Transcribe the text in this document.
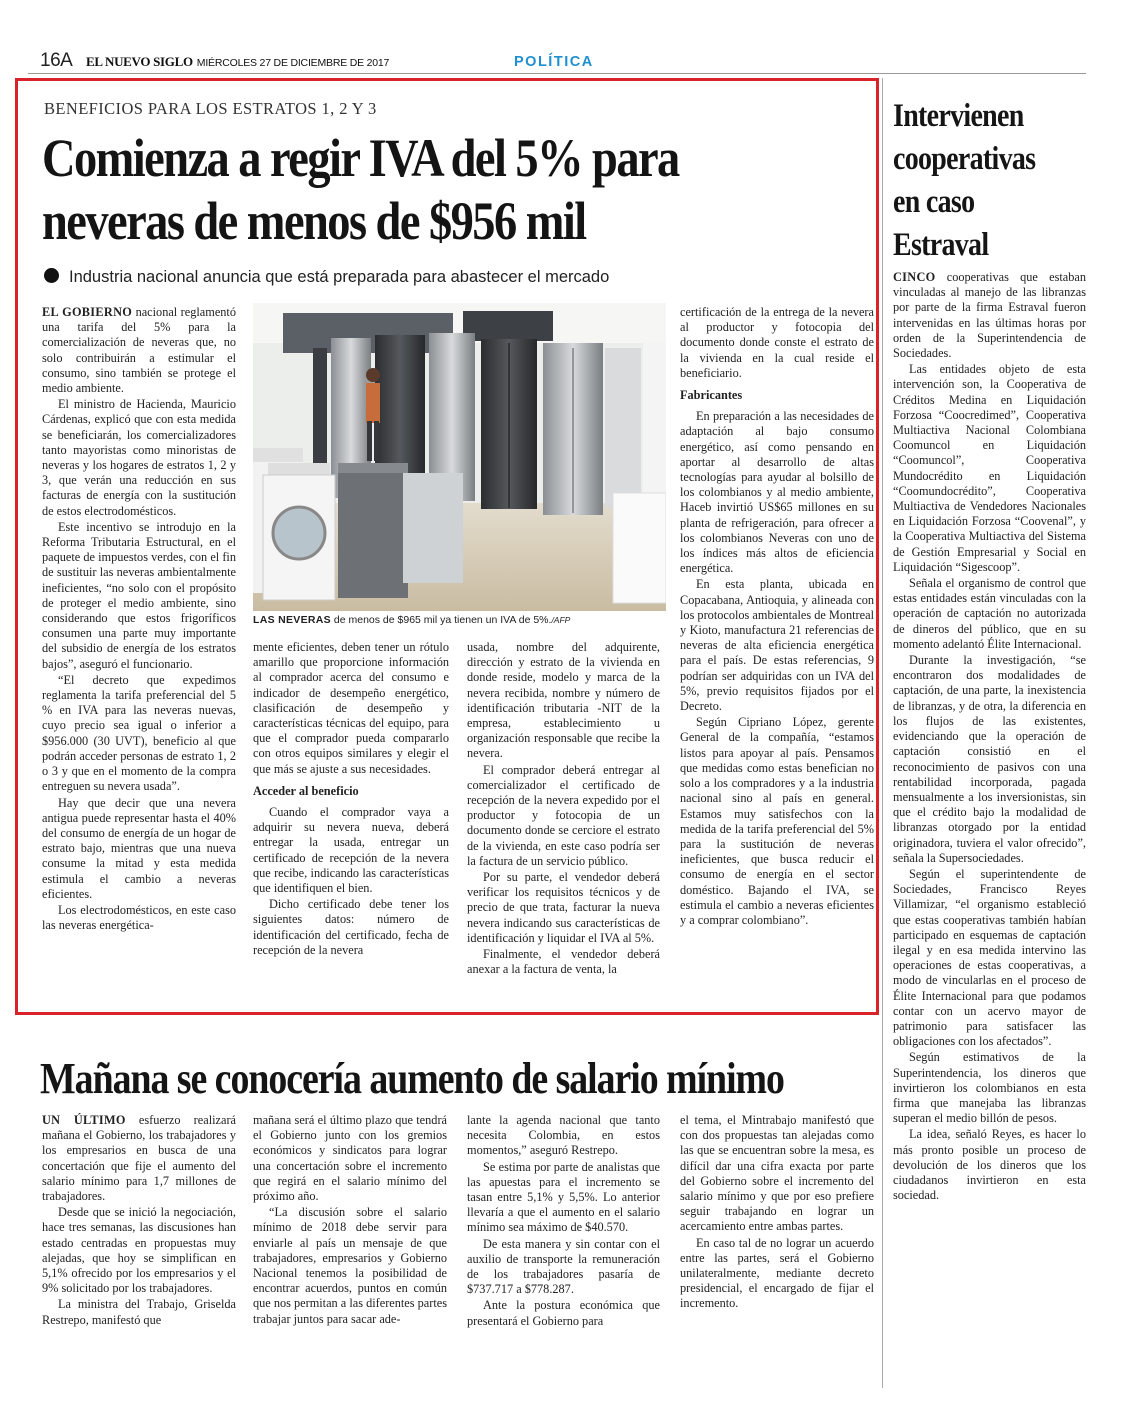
16A EL NUEVO SIGLO MIÉRCOLES 27 DE DICIEMBRE DE 2017	POLÍTICA
BENEFICIOS PARA LOS ESTRATOS 1, 2 Y 3
Comienza a regir IVA del 5% para
neveras de menos de $956 mil
Industria nacional anuncia que está preparada para abastecer el mercado

EL GOBIERNO nacional reglamentó una tarifa del 5% para la comercialización de neveras que, no solo contribuirán a estimular el consumo, sino también se protege el medio ambiente.

El ministro de Hacienda, Mauricio Cárdenas, explicó que con esta medida se beneficiarán, los comercializadores tanto mayoristas como minoristas de neveras y los hogares de estratos 1, 2 y 3, que verán una reducción en sus facturas de energía con la sustitución de estos electrodomésticos.

Este incentivo se introdujo en la Reforma Tributaria Estructural, en el paquete de impuestos verdes, con el fin de sustituir las neveras ambientalmente ineficientes, “no solo con el propósito de proteger el medio ambiente, sino considerando que estos frigoríficos consumen una parte muy importante del subsidio de energía de los estratos bajos”, aseguró el funcionario.

“El decreto que expedimos reglamenta la tarifa preferencial del 5 % en IVA para las neveras nuevas, cuyo precio sea igual o inferior a $956.000 (30 UVT), beneficio al que podrán acceder personas de estrato 1, 2 o 3 y que en el momento de la compra entreguen su nevera usada”.

Hay que decir que una nevera antigua puede representar hasta el 40% del consumo de energía de un hogar de estrato bajo, mientras que una nueva consume la mitad y esta medida estimula el cambio a neveras eficientes.

Los electrodomésticos, en este caso las neveras energética-

LAS NEVERAS de menos de $965 mil ya tienen un IVA de 5%./AFP

mente eficientes, deben tener un rótulo amarillo que proporcione información al comprador acerca del consumo e indicador de desempeño energético, clasificación de desempeño y características técnicas del equipo, para que el comprador pueda compararlo con otros equipos similares y elegir el que más se ajuste a sus necesidades.

Acceder al beneficio

Cuando el comprador vaya a adquirir su nevera nueva, deberá entregar la usada, entregar un certificado de recepción de la nevera que recibe, indicando las características que identifiquen el bien.

Dicho certificado debe tener los siguientes datos: número de identificación del certificado, fecha de recepción de la nevera

usada, nombre del adquirente, dirección y estrato de la vivienda en donde reside, modelo y marca de la nevera recibida, nombre y número de identificación tributaria -NIT de la empresa, establecimiento u organización responsable que recibe la nevera.

El comprador deberá entregar al comercializador el certificado de recepción de la nevera expedido por el productor y fotocopia de un documento donde se cerciore el estrato de la vivienda, en este caso podría ser la factura de un servicio público.

Por su parte, el vendedor deberá verificar los requisitos técnicos y de precio de que trata, facturar la nueva nevera indicando sus características de identificación y liquidar el IVA al 5%.

Finalmente, el vendedor deberá anexar a la factura de venta, la

certificación de la entrega de la nevera al productor y fotocopia del documento donde conste el estrato de la vivienda en la cual reside el beneficiario.

Fabricantes

En preparación a las necesidades de adaptación al bajo consumo energético, así como pensando en aportar al desarrollo de altas tecnologías para ayudar al bolsillo de los colombianos y al medio ambiente, Haceb invirtió US$65 millones en su planta de refrigeración, para ofrecer a los colombianos Neveras con uno de los índices más altos de eficiencia energética.

En esta planta, ubicada en Copacabana, Antioquia, y alineada con los protocolos ambientales de Montreal y Kioto, manufactura 21 referencias de neveras de alta eficiencia energética para el país. De estas referencias, 9 podrían ser adquiridas con un IVA del 5%, previo requisitos fijados por el Decreto.

Según Cipriano López, gerente General de la compañía, “estamos listos para apoyar al país. Pensamos que medidas como estas benefician no solo a los compradores y a la industria nacional sino al país en general. Estamos muy satisfechos con la medida de la tarifa preferencial del 5% para la sustitución de neveras ineficientes, que busca reducir el consumo de energía en el sector doméstico. Bajando el IVA, se estimula el cambio a neveras eficientes y a comprar colombiano”.

Intervienen cooperativas en caso Estraval

CINCO cooperativas que estaban vinculadas al manejo de las libranzas por parte de la firma Estraval fueron intervenidas en las últimas horas por orden de la Superintendencia de Sociedades.

Las entidades objeto de esta intervención son, la Cooperativa de Créditos Medina en Liquidación Forzosa “Coocredimed”, Cooperativa Multiactiva Nacional Colombiana Coomuncol en Liquidación “Coomuncol”, Cooperativa Mundocrédito en Liquidación “Coomundocrédito”, Cooperativa Multiactiva de Vendedores Nacionales en Liquidación Forzosa “Coovenal”, y la Cooperativa Multiactiva del Sistema de Gestión Empresarial y Social en Liquidación “Sigescoop”.

Señala el organismo de control que estas entidades están vinculadas con la operación de captación no autorizada de dineros del público, que en su momento adelantó Élite Internacional.

Durante la investigación, “se encontraron dos modalidades de captación, de una parte, la inexistencia de libranzas, y de otra, la diferencia en los flujos de las existentes, evidenciando que la operación de captación consistió en el reconocimiento de pasivos con una rentabilidad incorporada, pagada mensualmente a los inversionistas, sin que el crédito bajo la modalidad de libranzas otorgado por la entidad originadora, tuviera el valor ofrecido”, señala la Supersociedades.

Según el superintendente de Sociedades, Francisco Reyes Villamizar, “el organismo estableció que estas cooperativas también habían participado en esquemas de captación ilegal y en esa medida intervino las operaciones de estas cooperativas, a modo de vincularlas en el proceso de Élite Internacional para que podamos contar con un acervo mayor de patrimonio para satisfacer las obligaciones con los afectados”.

Según estimativos de la Superintendencia, los dineros que invirtieron los colombianos en esta firma que manejaba las libranzas superan el medio billón de pesos.

La idea, señaló Reyes, es hacer lo más pronto posible un proceso de devolución de los dineros que los ciudadanos invirtieron en esta sociedad.

Mañana se conocería aumento de salario mínimo

UN ÚLTIMO esfuerzo realizará mañana el Gobierno, los trabajadores y los empresarios en busca de una concertación que fije el aumento del salario mínimo para 1,7 millones de trabajadores.

Desde que se inició la negociación, hace tres semanas, las discusiones han estado centradas en propuestas muy alejadas, que hoy se simplifican en 5,1% ofrecido por los empresarios y el 9% solicitado por los trabajadores.

La ministra del Trabajo, Griselda Restrepo, manifestó que

mañana será el último plazo que tendrá el Gobierno junto con los gremios económicos y sindicatos para lograr una concertación sobre el incremento que regirá en el salario mínimo del próximo año.

“La discusión sobre el salario mínimo de 2018 debe servir para enviarle al país un mensaje de que trabajadores, empresarios y Gobierno Nacional tenemos la posibilidad de encontrar acuerdos, puntos en común que nos permitan a las diferentes partes trabajar juntos para sacar ade-

lante la agenda nacional que tanto necesita Colombia, en estos momentos,” aseguró Restrepo.

Se estima por parte de analistas que las apuestas para el incremento se tasan entre 5,1% y 5,5%. Lo anterior llevaría a que el aumento en el salario mínimo sea máximo de $40.570.

De esta manera y sin contar con el auxilio de transporte la remuneración de los trabajadores pasaría de $737.717 a $778.287.

Ante la postura económica que presentará el Gobierno para

el tema, el Mintrabajo manifestó que con dos propuestas tan alejadas como las que se encuentran sobre la mesa, es difícil dar una cifra exacta por parte del Gobierno sobre el incremento del salario mínimo y que por eso prefiere seguir trabajando en lograr un acercamiento entre ambas partes.

En caso tal de no lograr un acuerdo entre las partes, será el Gobierno unilateralmente, mediante decreto presidencial, el encargado de fijar el incremento.
